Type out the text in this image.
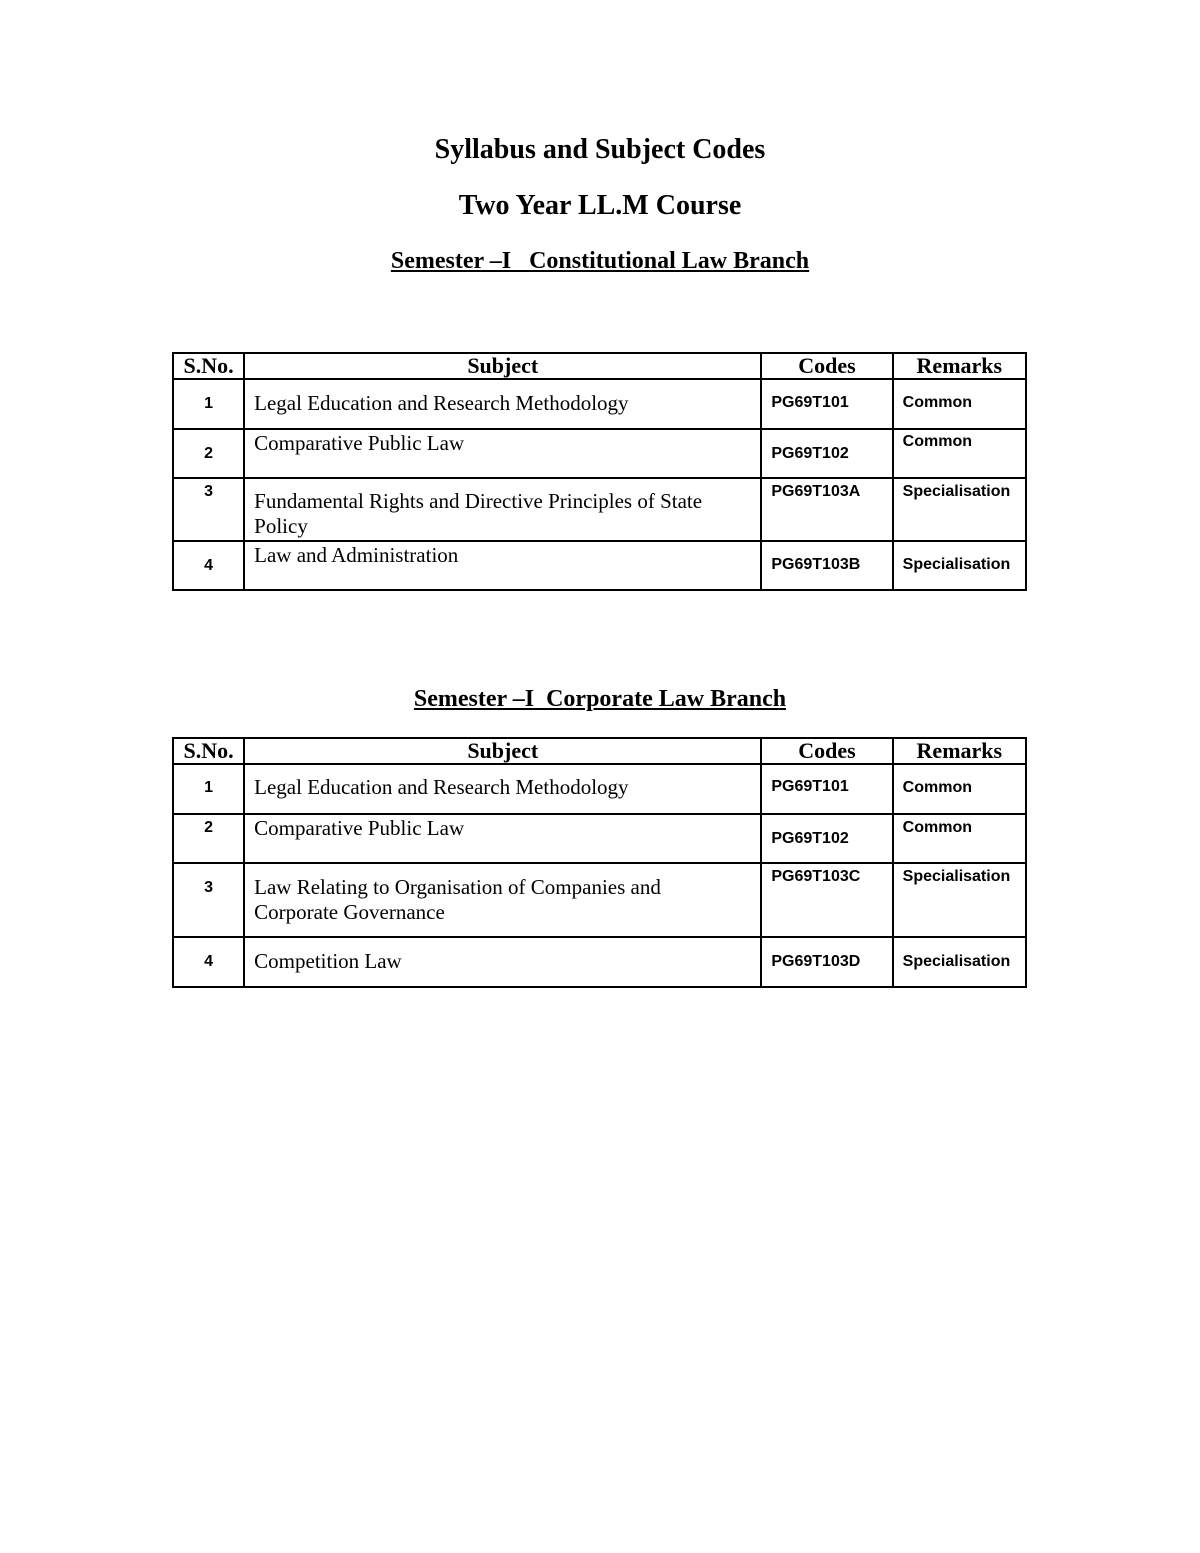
Syllabus and Subject Codes
Two Year LL.M Course
Semester –I   Constitutional Law Branch
S.No.	Subject	Codes	Remarks

1	Legal Education and Research Methodology	PG69T101	Common

2	Comparative Public Law	PG69T102	Common

3	Fundamental Rights and Directive Principles of State Policy	PG69T103A	Specialisation

4	Law and Administration	PG69T103B	Specialisation
Semester –I  Corporate Law Branch
S.No.	Subject	Codes	Remarks

1	Legal Education and Research Methodology	PG69T101	Common

2	Comparative Public Law	PG69T102	Common

3	Law Relating to Organisation of Companies and Corporate Governance	PG69T103C	Specialisation

4	Competition Law	PG69T103D	Specialisation
